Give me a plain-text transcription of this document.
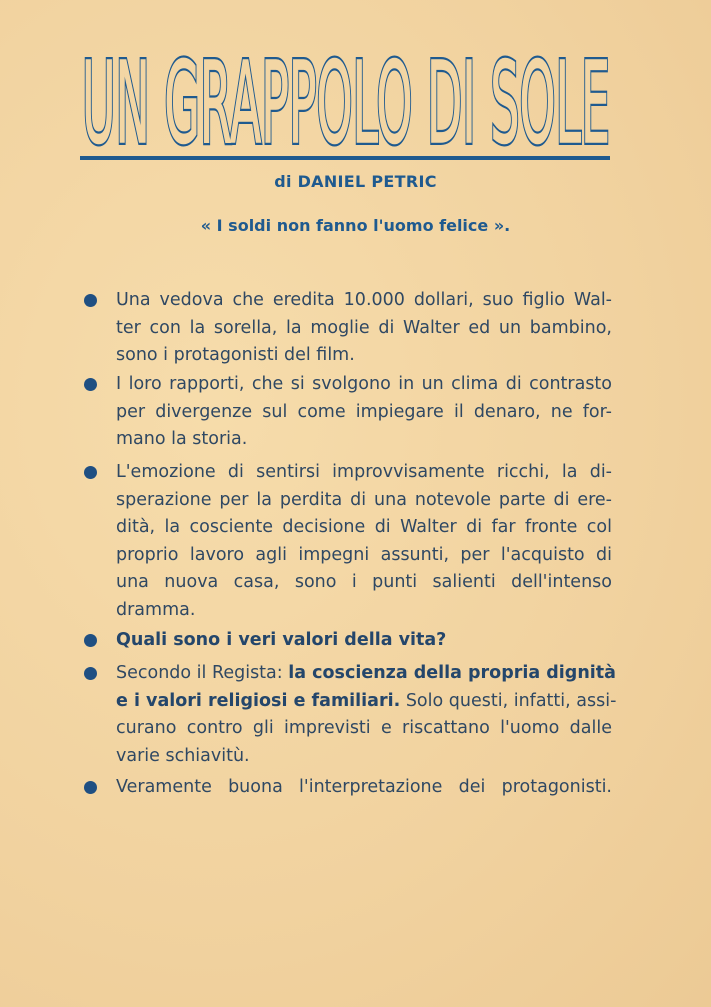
UN GRAPPOLO DI SOLE
UN GRAPPOLO DI SOLE
di DANIEL PETRIC
« I soldi non fanno l'uomo felice ».
Una vedova che eredita 10.000 dollari, suo figlio Wal-
ter con la sorella, la moglie di Walter ed un bambino,
sono i protagonisti del film.
I loro rapporti, che si svolgono in un clima di contrasto
per divergenze sul come impiegare il denaro, ne for-
mano la storia.
L'emozione di sentirsi improvvisamente ricchi, la di-
sperazione per la perdita di una notevole parte di ere-
dità, la cosciente decisione di Walter di far fronte col
proprio lavoro agli impegni assunti, per l'acquisto di
una nuova casa, sono i punti salienti dell'intenso
dramma.
Quali sono i veri valori della vita?
Secondo il Regista: la coscienza della propria dignità
e i valori religiosi e familiari. Solo questi, infatti, assi-
curano contro gli imprevisti e riscattano l'uomo dalle
varie schiavitù.
Veramente buona l'interpretazione dei protagonisti.
